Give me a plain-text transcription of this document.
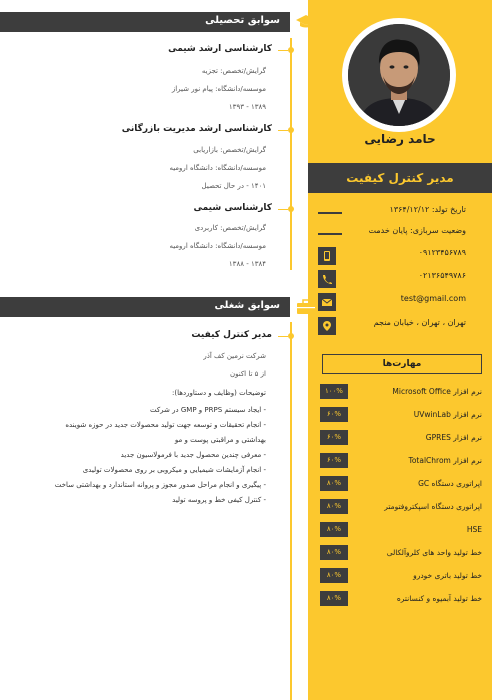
حامد رضایی
مدیر کنترل کیفیت
تاریخ تولد: ۱۳۶۴/۱۲/۱۲
وضعیت سربازی: پایان خدمت
۰۹۱۲۳۴۵۶۷۸۹
۰۲۱۳۶۵۴۹۷۸۶
test@gmail.com
تهران ، تهران ، خیابان منجم
مهارت‌ها
نرم افزار Microsoft Office
۱۰۰%
نرم افزار UVwinLab
۶۰%
نرم افزار GPRES
۶۰%
نرم افزار TotalChrom
۶۰%
اپراتوری دستگاه GC
۸۰%
اپراتوری دستگاه اسپکتروفتومتر
۸۰%
HSE
۸۰%
خط تولید واحد های کلروآلکالی
۸۰%
خط تولید باتری خودرو
۸۰%
خط تولید آبمیوه و کنسانتره
۸۰%
سوابق تحصیلی
کارشناسی ارشد شیمی
گرایش/تخصص: تجزیه
موسسه/دانشگاه: پیام نور شیراز
۱۳۸۹ - ۱۳۹۳
کارشناسی ارشد مدیریت بازرگانی
گرایش/تخصص: بازاریابی
موسسه/دانشگاه: دانشگاه ارومیه
۱۴۰۱ - در حال تحصیل
کارشناسی شیمی
گرایش/تخصص: کاربردی
موسسه/دانشگاه: دانشگاه ارومیه
۱۳۸۴ - ۱۳۸۸
سوابق شغلی
مدیر کنترل کیفیت
شرکت نرمین کف آذر
از ۵ تا اکنون
توضیحات (وظایف و دستاوردها):
- ایجاد سیستم PRPS و GMP در شرکت
- انجام تحقیقات و توسعه جهت تولید محصولات جدید در حوزه شوینده
بهداشتی و مراقبتی پوست و مو
- معرفی چندین محصول جدید با فرمولاسیون جدید
- انجام آزمایشات شیمیایی و میکروبی بر روی محصولات تولیدی
- پیگیری و انجام مراحل صدور مجوز و پروانه استاندارد و بهداشتی ساخت
- کنترل کیفی خط و پروسه تولید
